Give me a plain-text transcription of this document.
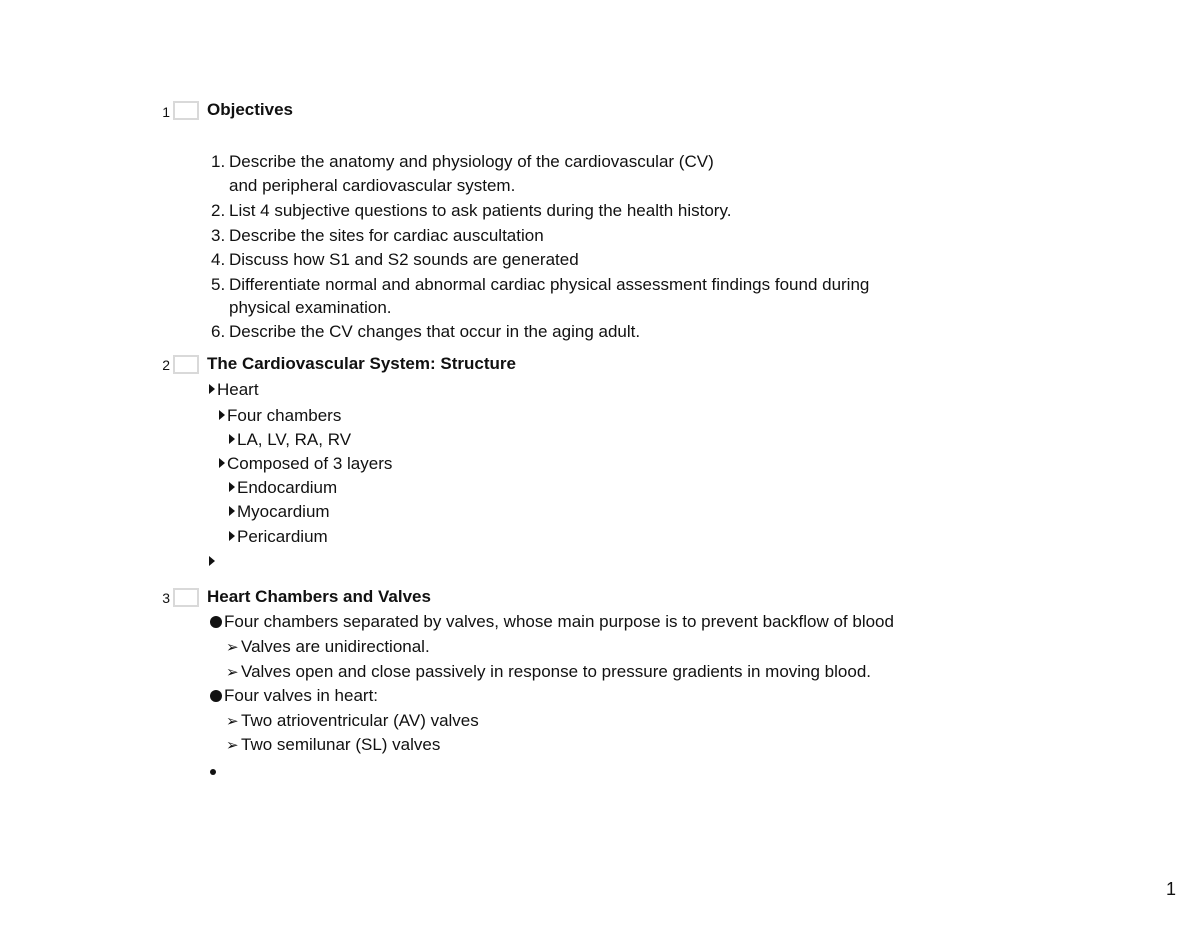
1 Objectives
1. Describe the anatomy and physiology of the cardiovascular (CV)
and peripheral cardiovascular system.
2. List 4 subjective questions to ask patients during the health history.
3. Describe the sites for cardiac auscultation
4. Discuss how S1 and S2 sounds are generated
5. Differentiate normal and abnormal cardiac physical assessment findings found during
physical examination.
6. Describe the CV changes that occur in the aging adult.
2 The Cardiovascular System: Structure
Heart
Four chambers
LA, LV, RA, RV
Composed of 3 layers
Endocardium
Myocardium
Pericardium
3 Heart Chambers and Valves
Four chambers separated by valves, whose main purpose is to prevent backflow of blood
➢ Valves are unidirectional.
➢ Valves open and close passively in response to pressure gradients in moving blood.
Four valves in heart:
➢ Two atrioventricular (AV) valves
➢ Two semilunar (SL) valves
1
